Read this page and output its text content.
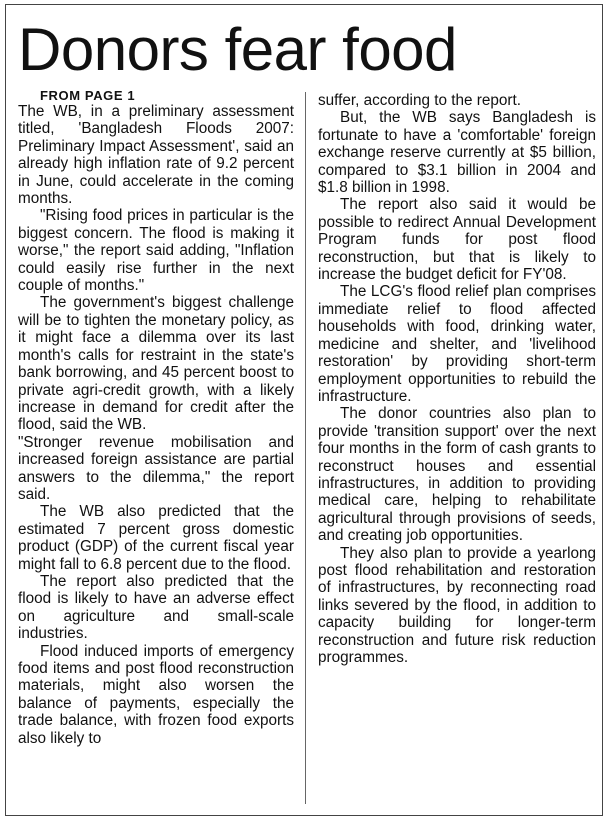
Donors fear food

FROM PAGE 1

The WB, in a preliminary assessment titled, 'Bangladesh Floods 2007: Preliminary Impact Assessment', said an already high inflation rate of 9.2 percent in June, could accelerate in the coming months.

"Rising food prices in particular is the biggest concern. The flood is making it worse," the report said adding, "Inflation could easily rise further in the next couple of months."

The government's biggest challenge will be to tighten the monetary policy, as it might face a dilemma over its last month's calls for restraint in the state's bank borrowing, and 45 percent boost to private agri-credit growth, with a likely increase in demand for credit after the flood, said the WB.

"Stronger revenue mobilisation and increased foreign assistance are partial answers to the dilemma," the report said.

The WB also predicted that the estimated 7 percent gross domestic product (GDP) of the current fiscal year might fall to 6.8 percent due to the flood.

The report also predicted that the flood is likely to have an adverse effect on agriculture and small-scale industries.

Flood induced imports of emergency food items and post flood reconstruction materials, might also worsen the balance of payments, especially the trade balance, with frozen food exports also likely to

suffer, according to the report.

But, the WB says Bangladesh is fortunate to have a 'comfortable' foreign exchange reserve currently at $5 billion, compared to $3.1 billion in 2004 and $1.8 billion in 1998.

The report also said it would be possible to redirect Annual Development Program funds for post flood reconstruction, but that is likely to increase the budget deficit for FY'08.

The LCG's flood relief plan comprises immediate relief to flood affected households with food, drinking water, medicine and shelter, and 'livelihood restoration' by providing short-term employment opportunities to rebuild the infrastructure.

The donor countries also plan to provide 'transition support' over the next four months in the form of cash grants to reconstruct houses and essential infrastructures, in addition to providing medical care, helping to rehabilitate agricultural through provisions of seeds, and creating job opportunities.

They also plan to provide a yearlong post flood rehabilitation and restoration of infrastructures, by reconnecting road links severed by the flood, in addition to capacity building for longer-term reconstruction and future risk reduction programmes.
